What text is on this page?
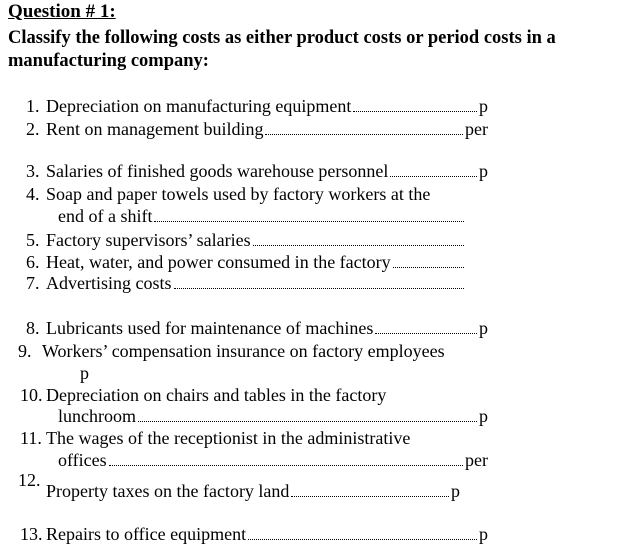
Question # 1:
Classify the following costs as either product costs or period costs in a manufacturing company:
1. Depreciation on manufacturing equipment	p
2. Rent on management building	per
3. Salaries of finished goods warehouse personnel	p
4. Soap and paper towels used by factory workers at the
end of a shift
5. Factory supervisors’ salaries
6. Heat, water, and power consumed in the factory
7. Advertising costs
8. Lubricants used for maintenance of machines	p
9. Workers’ compensation insurance on factory employees
p
10. Depreciation on chairs and tables in the factory
lunchroom	p
11. The wages of the receptionist in the administrative
offices	per
12.
Property taxes on the factory land	p
13. Repairs to office equipment	p
